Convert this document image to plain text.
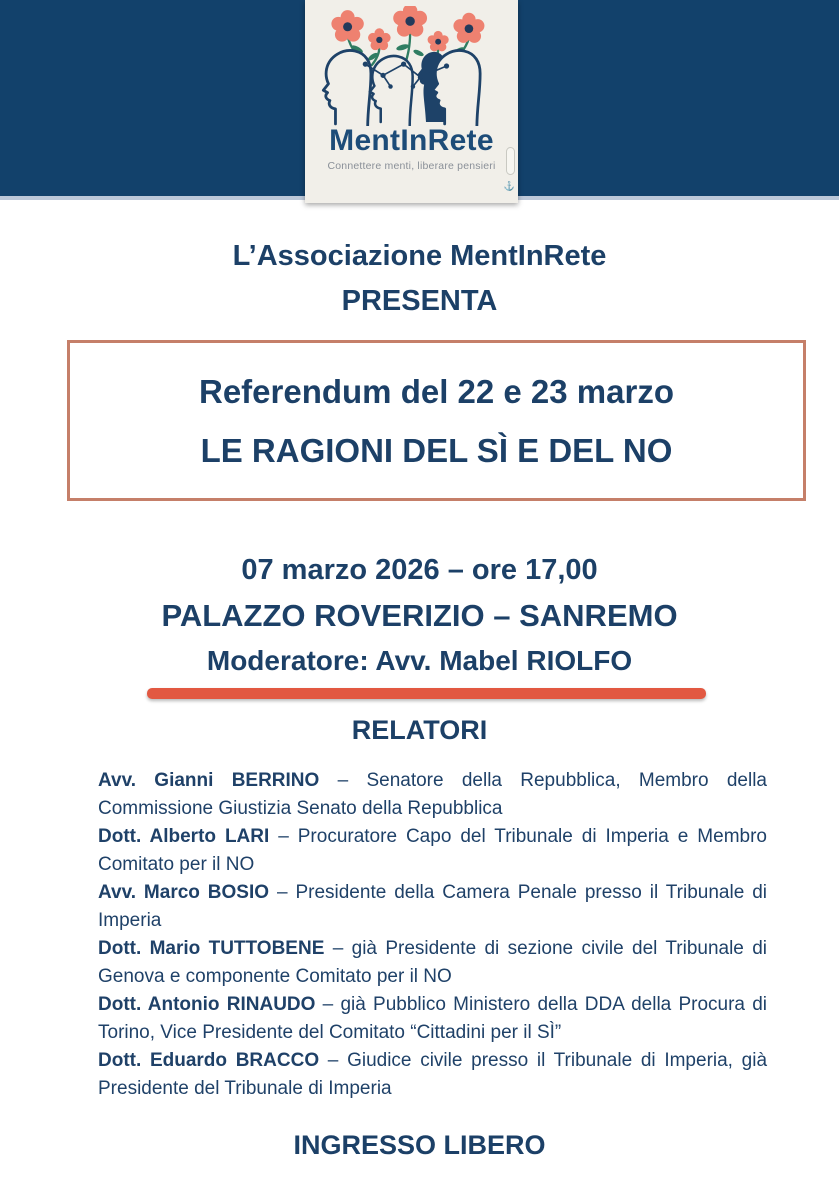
MentInRete
Connettere menti, liberare pensieri
⚓
L’Associazione MentInRete
PRESENTA
Referendum del 22 e 23 marzo
LE RAGIONI DEL SÌ E DEL NO
07 marzo 2026 – ore 17,00
PALAZZO ROVERIZIO – SANREMO
Moderatore: Avv. Mabel RIOLFO
RELATORI

Avv. Gianni BERRINO – Senatore della Repubblica, Membro della Commissione Giustizia Senato della Repubblica

Dott. Alberto LARI – Procuratore Capo del Tribunale di Imperia e Membro Comitato per il NO

Avv. Marco BOSIO – Presidente della Camera Penale presso il Tribunale di Imperia

Dott. Mario TUTTOBENE – già Presidente di sezione civile del Tribunale di Genova e componente Comitato per il NO

Dott. Antonio RINAUDO – già Pubblico Ministero della DDA della Procura di Torino, Vice Presidente del Comitato “Cittadini per il SÌ”

Dott. Eduardo BRACCO – Giudice civile presso il Tribunale di Imperia, già Presidente del Tribunale di Imperia

INGRESSO LIBERO
